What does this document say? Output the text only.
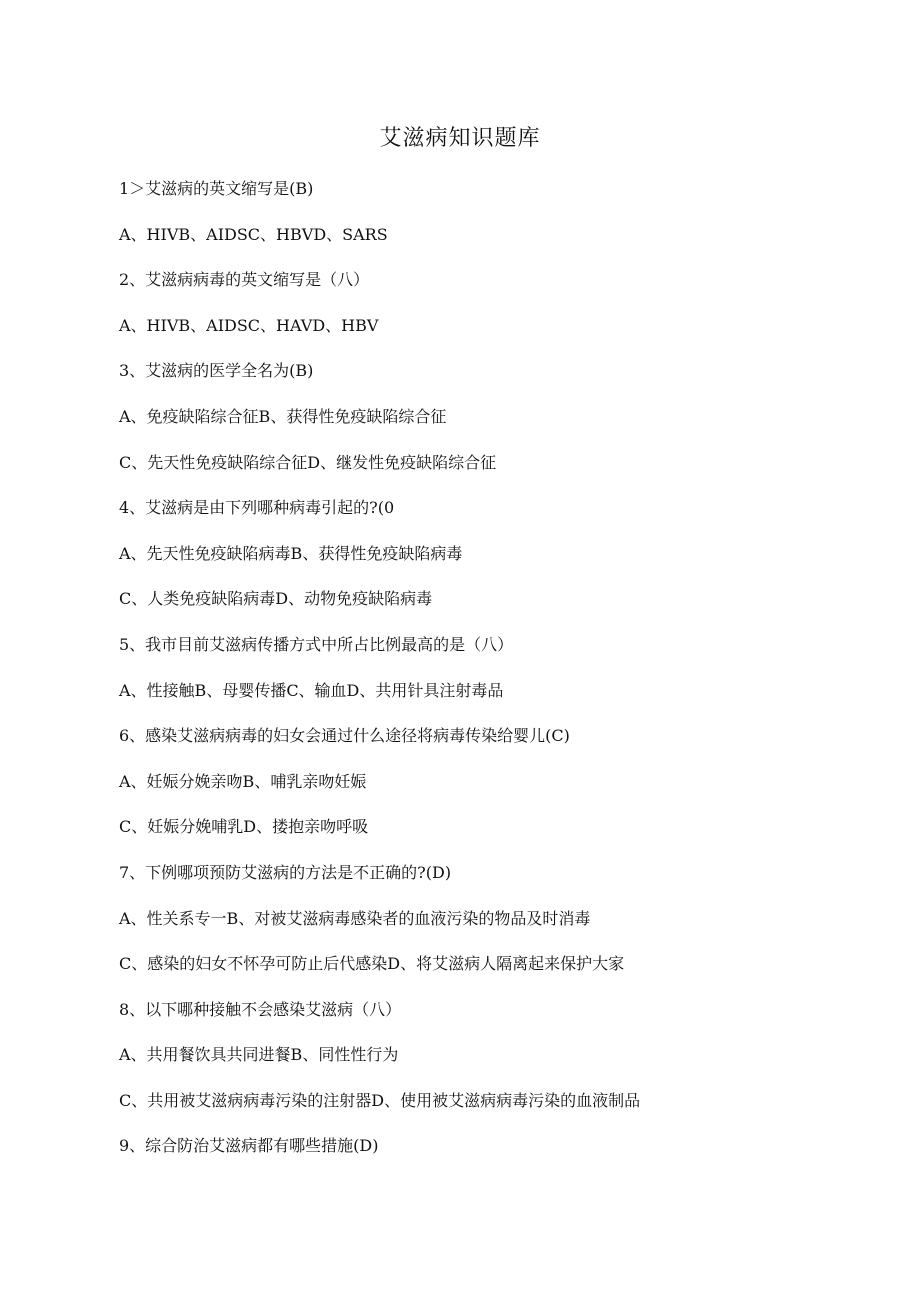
艾滋病知识题库
1＞艾滋病的英文缩写是(B)
A、HIVB、AIDSC、HBVD、SARS
2、艾滋病病毒的英文缩写是（八）
A、HIVB、AIDSC、HAVD、HBV
3、艾滋病的医学全名为(B)
A、免疫缺陷综合征B、获得性免疫缺陷综合征
C、先天性免疫缺陷综合征D、继发性免疫缺陷综合征
4、艾滋病是由下列哪种病毒引起的?(0
A、先天性免疫缺陷病毒B、获得性免疫缺陷病毒
C、人类免疫缺陷病毒D、动物免疫缺陷病毒
5、我市目前艾滋病传播方式中所占比例最高的是（八）
A、性接触B、母婴传播C、输血D、共用针具注射毒品
6、感染艾滋病病毒的妇女会通过什么途径将病毒传染给婴儿(C)
A、妊娠分娩亲吻B、哺乳亲吻妊娠
C、妊娠分娩哺乳D、搂抱亲吻呼吸
7、下例哪项预防艾滋病的方法是不正确的?(D)
A、性关系专一B、对被艾滋病毒感染者的血液污染的物品及时消毒
C、感染的妇女不怀孕可防止后代感染D、将艾滋病人隔离起来保护大家
8、以下哪种接触不会感染艾滋病（八）
A、共用餐饮具共同进餐B、同性性行为
C、共用被艾滋病病毒污染的注射器D、使用被艾滋病病毒污染的血液制品
9、综合防治艾滋病都有哪些措施(D)
